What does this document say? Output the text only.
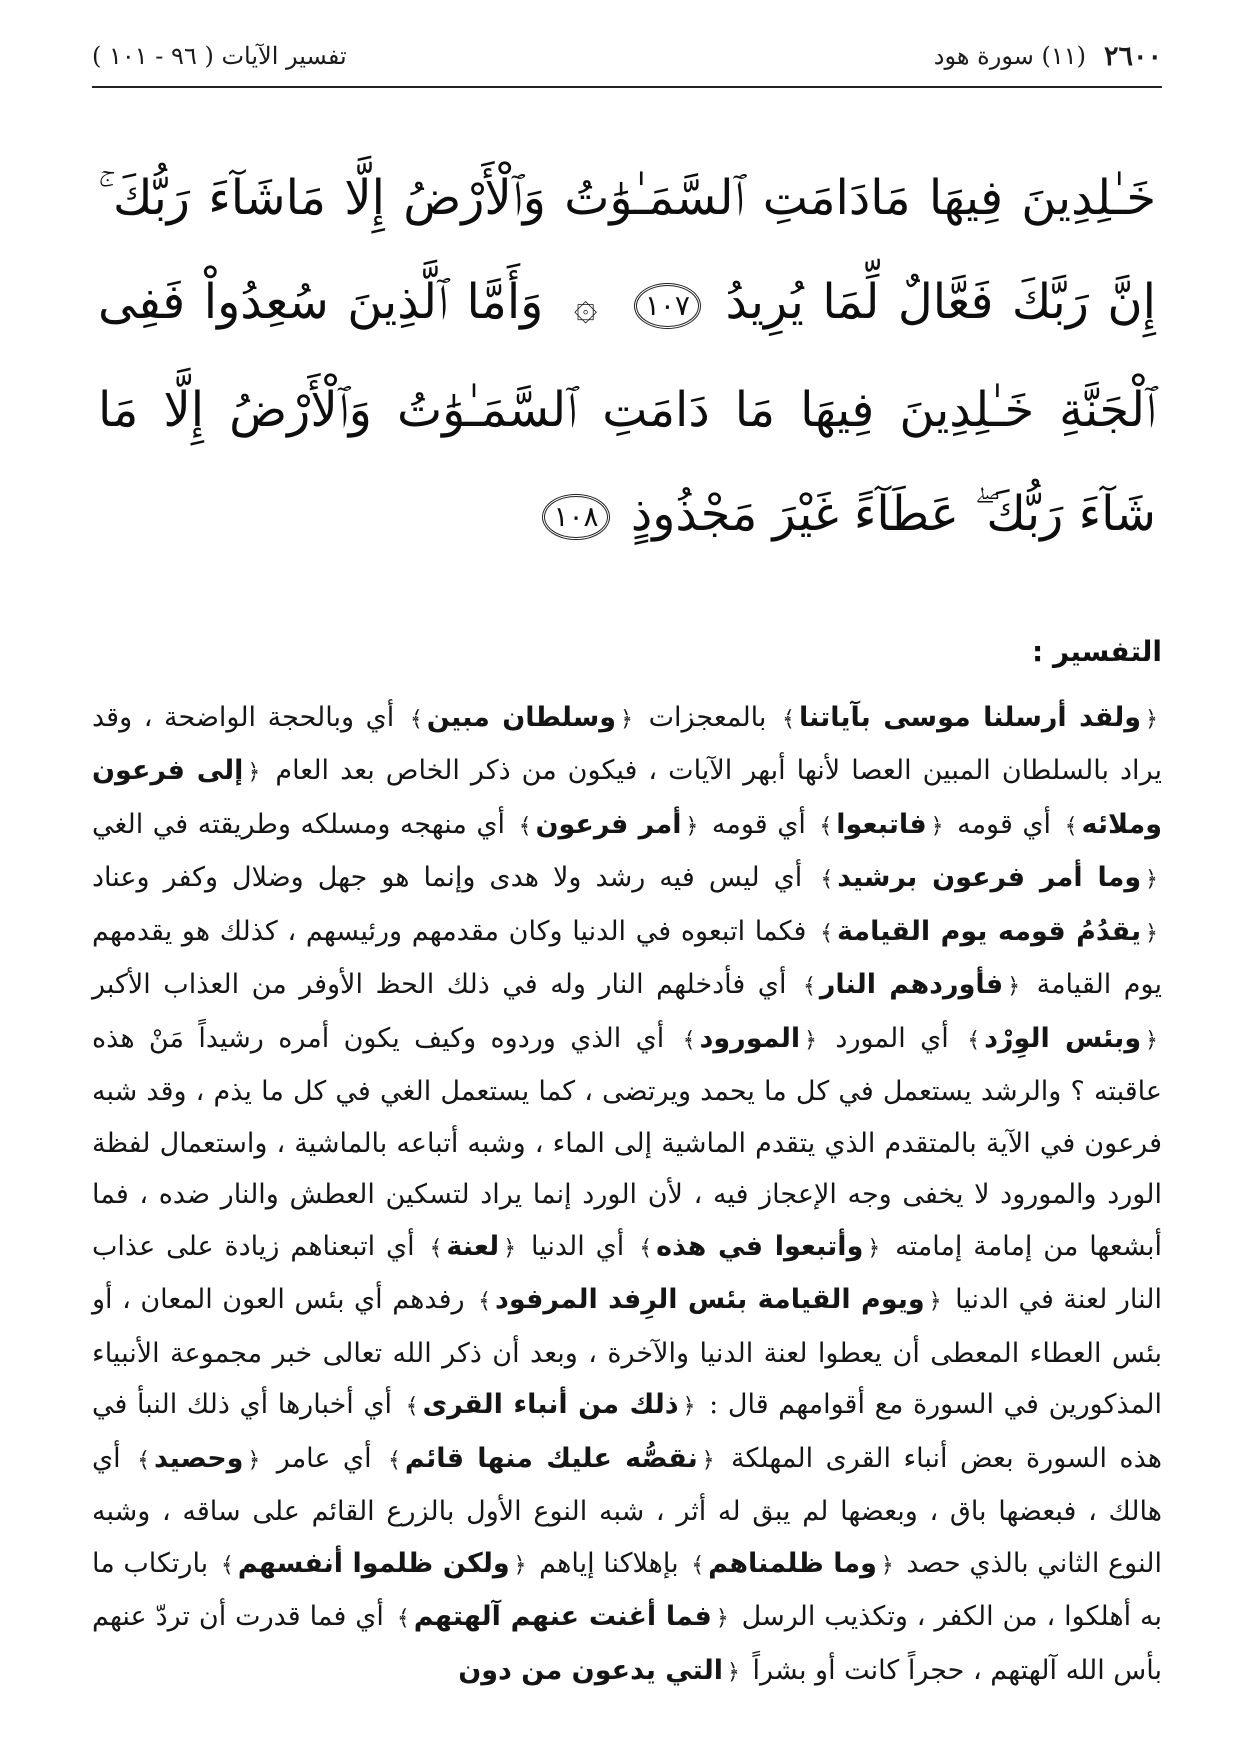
٢٦٠٠
(١١) سورة هود
تفسير الآيات ( ٩٦ - ١٠١ )
خَـٰلِدِينَ فِيهَا مَادَامَتِ ٱلسَّمَـٰوَٰتُ وَٱلْأَرْضُ إِلَّا مَاشَآءَ رَبُّكَ ۚ إِنَّ رَبَّكَ فَعَّالٌ لِّمَا يُرِيدُ ١٠٧ ۞ وَأَمَّا ٱلَّذِينَ سُعِدُواْ فَفِى ٱلْجَنَّةِ خَـٰلِدِينَ فِيهَا مَا دَامَتِ ٱلسَّمَـٰوَٰتُ وَٱلْأَرْضُ إِلَّا مَا شَآءَ رَبُّكَ ۖ عَطَآءً غَيْرَ مَجْذُوذٍ ١٠٨
التفسير :

﴿ولقد أرسلنا موسى بآياتنا﴾ بالمعجزات ﴿وسلطان مبين﴾ أي وبالحجة الواضحة ، وقد يراد بالسلطان المبين العصا لأنها أبهر الآيات ، فيكون من ذكر الخاص بعد العام ﴿إلى فرعون وملائه﴾ أي قومه ﴿فاتبعوا﴾ أي قومه ﴿أمر فرعون﴾ أي منهجه ومسلكه وطريقته في الغي ﴿وما أمر فرعون برشيد﴾ أي ليس فيه رشد ولا هدى وإنما هو جهل وضلال وكفر وعناد ﴿يقدُمُ قومه يوم القيامة﴾ فكما اتبعوه في الدنيا وكان مقدمهم ورئيسهم ، كذلك هو يقدمهم يوم القيامة ﴿فأوردهم النار﴾ أي فأدخلهم النار وله في ذلك الحظ الأوفر من العذاب الأكبر ﴿وبئس الوِرْد﴾ أي المورد ﴿المورود﴾ أي الذي وردوه وكيف يكون أمره رشيداً مَنْ هذه عاقبته ؟ والرشد يستعمل في كل ما يحمد ويرتضى ، كما يستعمل الغي في كل ما يذم ، وقد شبه فرعون في الآية بالمتقدم الذي يتقدم الماشية إلى الماء ، وشبه أتباعه بالماشية ، واستعمال لفظة الورد والمورود لا يخفى وجه الإعجاز فيه ، لأن الورد إنما يراد لتسكين العطش والنار ضده ، فما أبشعها من إمامة إمامته ﴿وأتبعوا في هذه﴾ أي الدنيا ﴿لعنة﴾ أي اتبعناهم زيادة على عذاب النار لعنة في الدنيا ﴿ويوم القيامة بئس الرِفد المرفود﴾ رفدهم أي بئس العون المعان ، أو بئس العطاء المعطى أن يعطوا لعنة الدنيا والآخرة ، وبعد أن ذكر الله تعالى خبر مجموعة الأنبياء المذكورين في السورة مع أقوامهم قال : ﴿ذلك من أنباء القرى﴾ أي أخبارها أي ذلك النبأ في هذه السورة بعض أنباء القرى المهلكة ﴿نقصُّه عليك منها قائم﴾ أي عامر ﴿وحصيد﴾ أي هالك ، فبعضها باق ، وبعضها لم يبق له أثر ، شبه النوع الأول بالزرع القائم على ساقه ، وشبه النوع الثاني بالذي حصد ﴿وما ظلمناهم﴾ بإهلاكنا إياهم ﴿ولكن ظلموا أنفسهم﴾ بارتكاب ما به أهلكوا ، من الكفر ، وتكذيب الرسل ﴿فما أغنت عنهم آلهتهم﴾ أي فما قدرت أن تردّ عنهم بأس الله آلهتهم ، حجراً كانت أو بشراً ﴿التي يدعون من دون
